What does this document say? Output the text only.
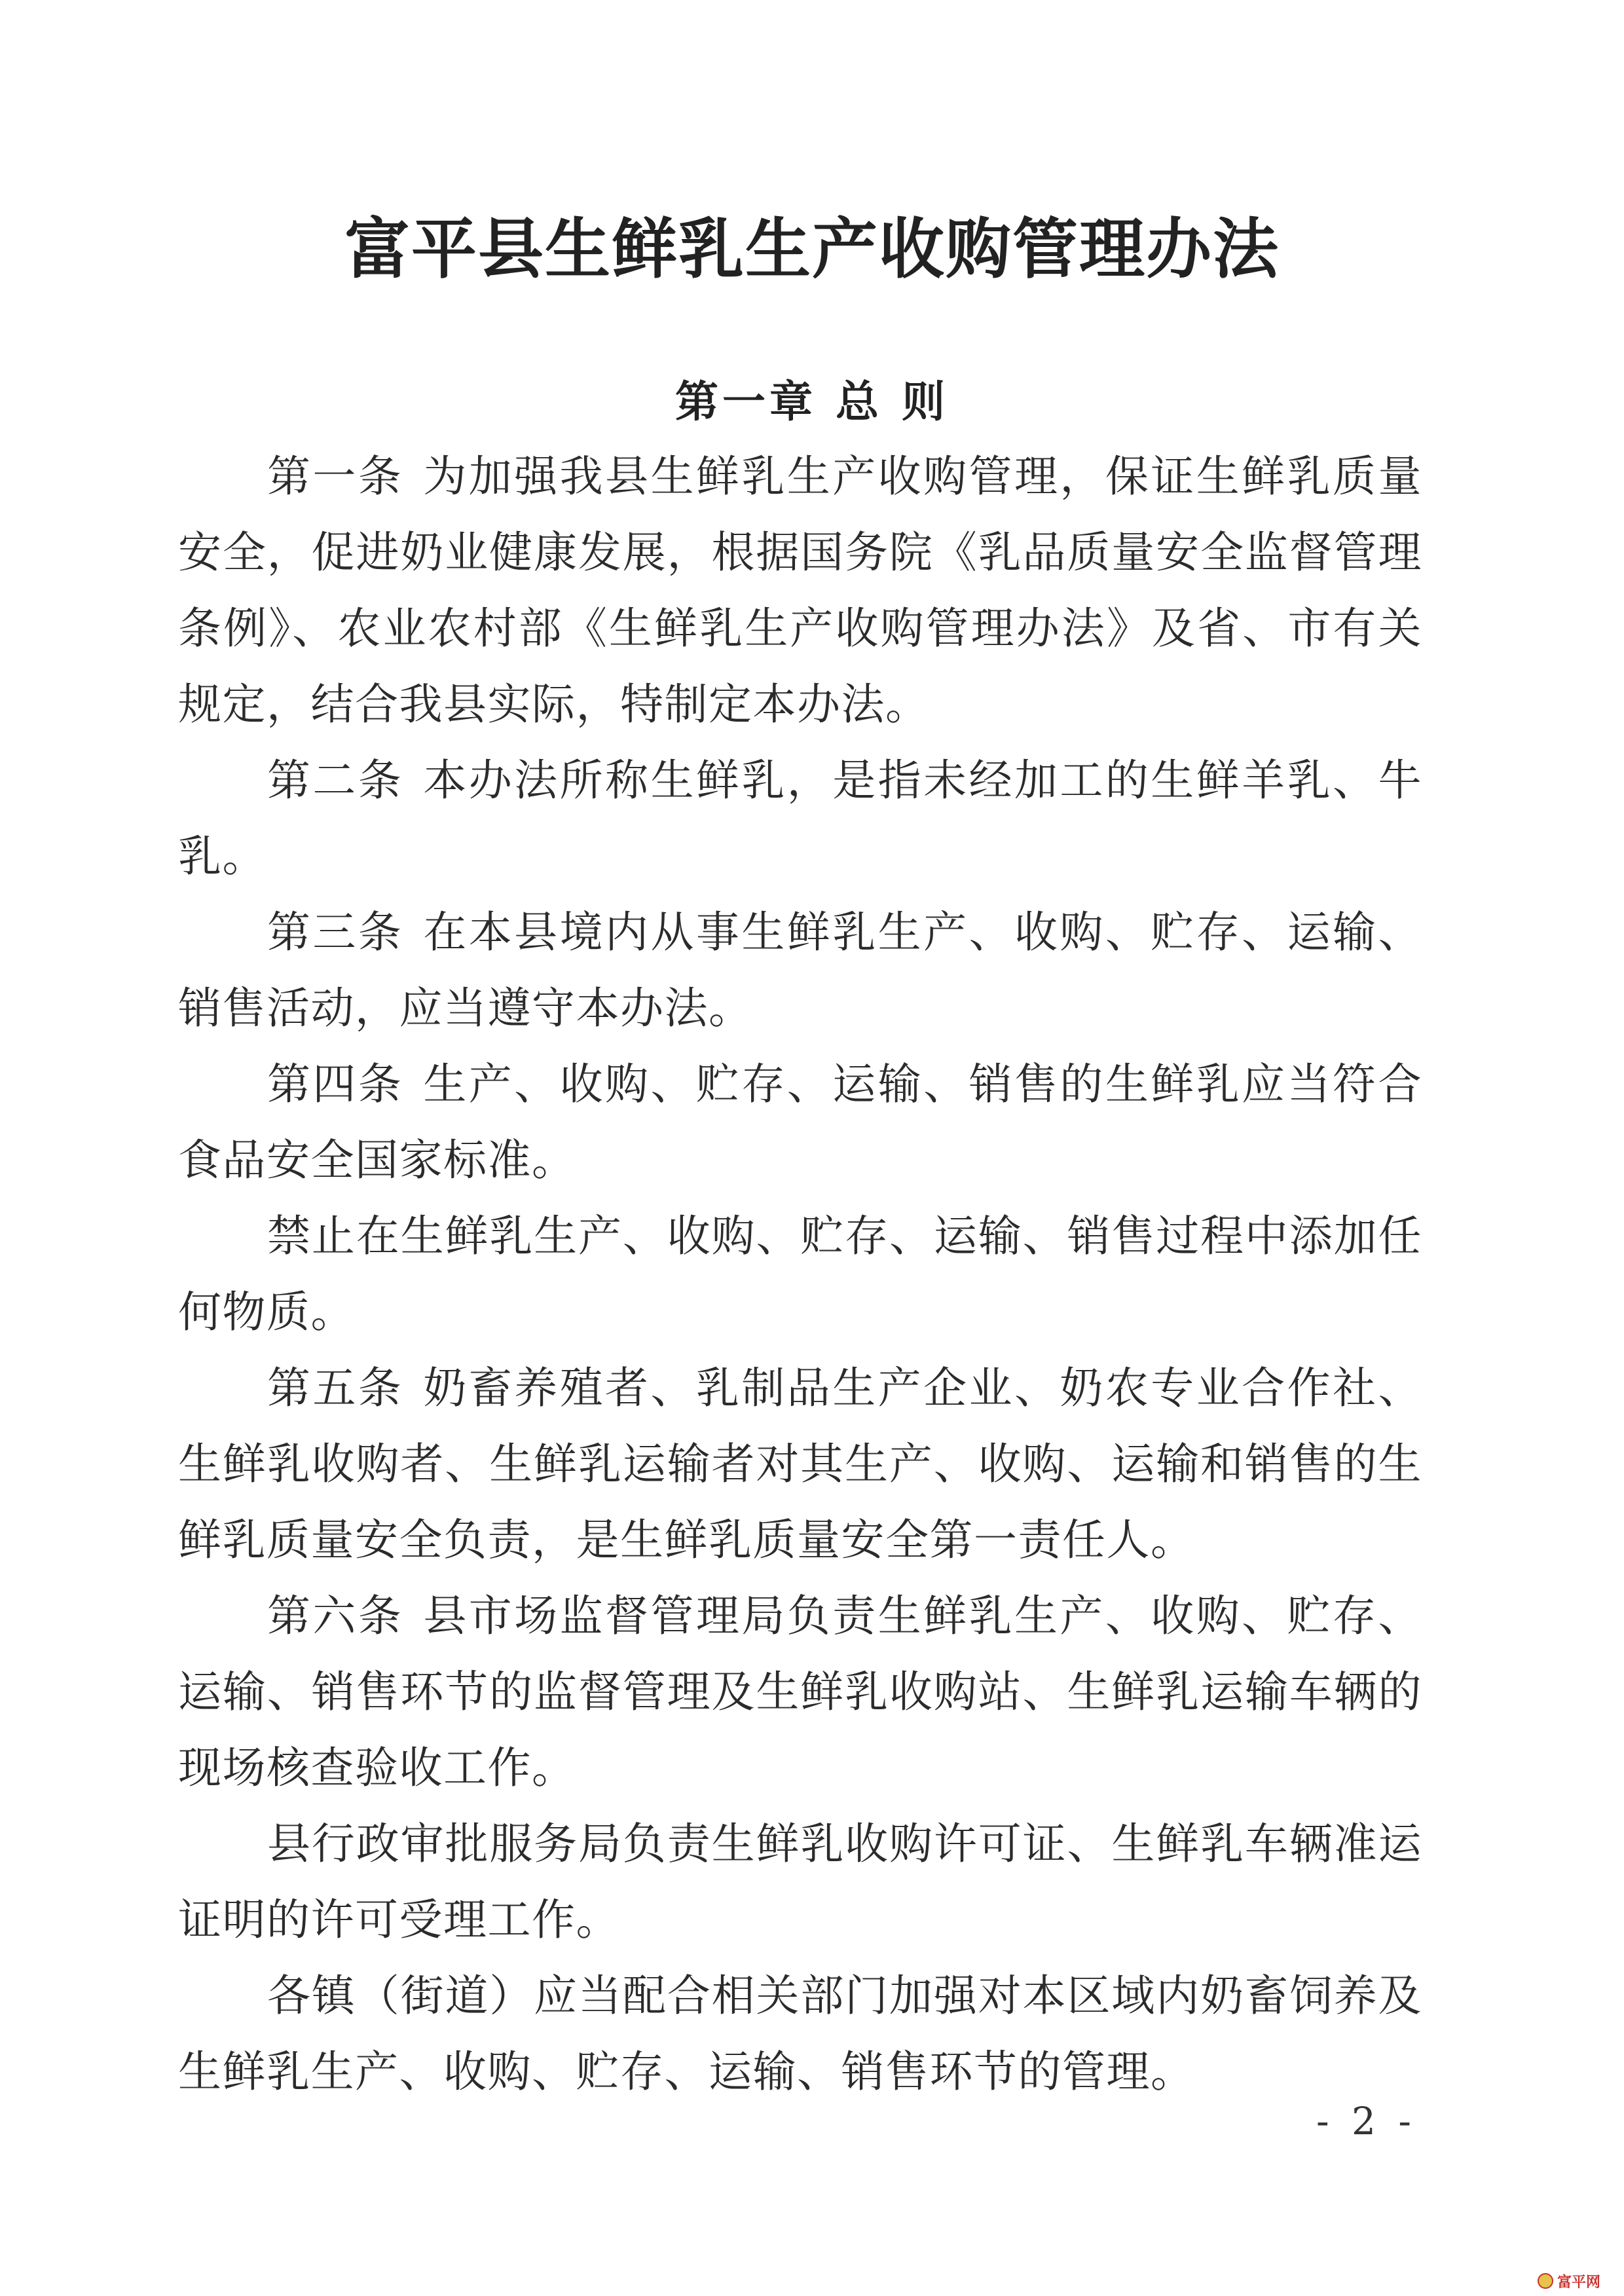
富平县生鲜乳生产收购管理办法
第一章 总 则

第一条 为加强我县生鲜乳生产收购管理，保证生鲜乳质量安全，促进奶业健康发展，根据国务院《乳品质量安全监督管理条例》、农业农村部《生鲜乳生产收购管理办法》及省、市有关规定，结合我县实际，特制定本办法。

第二条 本办法所称生鲜乳，是指未经加工的生鲜羊乳、牛乳。

第三条 在本县境内从事生鲜乳生产、收购、贮存、运输、销售活动，应当遵守本办法。

第四条 生产、收购、贮存、运输、销售的生鲜乳应当符合食品安全国家标准。

禁止在生鲜乳生产、收购、贮存、运输、销售过程中添加任何物质。

第五条 奶畜养殖者、乳制品生产企业、奶农专业合作社、生鲜乳收购者、生鲜乳运输者对其生产、收购、运输和销售的生鲜乳质量安全负责，是生鲜乳质量安全第一责任人。

第六条 县市场监督管理局负责生鲜乳生产、收购、贮存、运输、销售环节的监督管理及生鲜乳收购站、生鲜乳运输车辆的现场核查验收工作。

县行政审批服务局负责生鲜乳收购许可证、生鲜乳车辆准运证明的许可受理工作。

各镇（街道）应当配合相关部门加强对本区域内奶畜饲养及生鲜乳生产、收购、贮存、运输、销售环节的管理。

- 2 -
富平网
